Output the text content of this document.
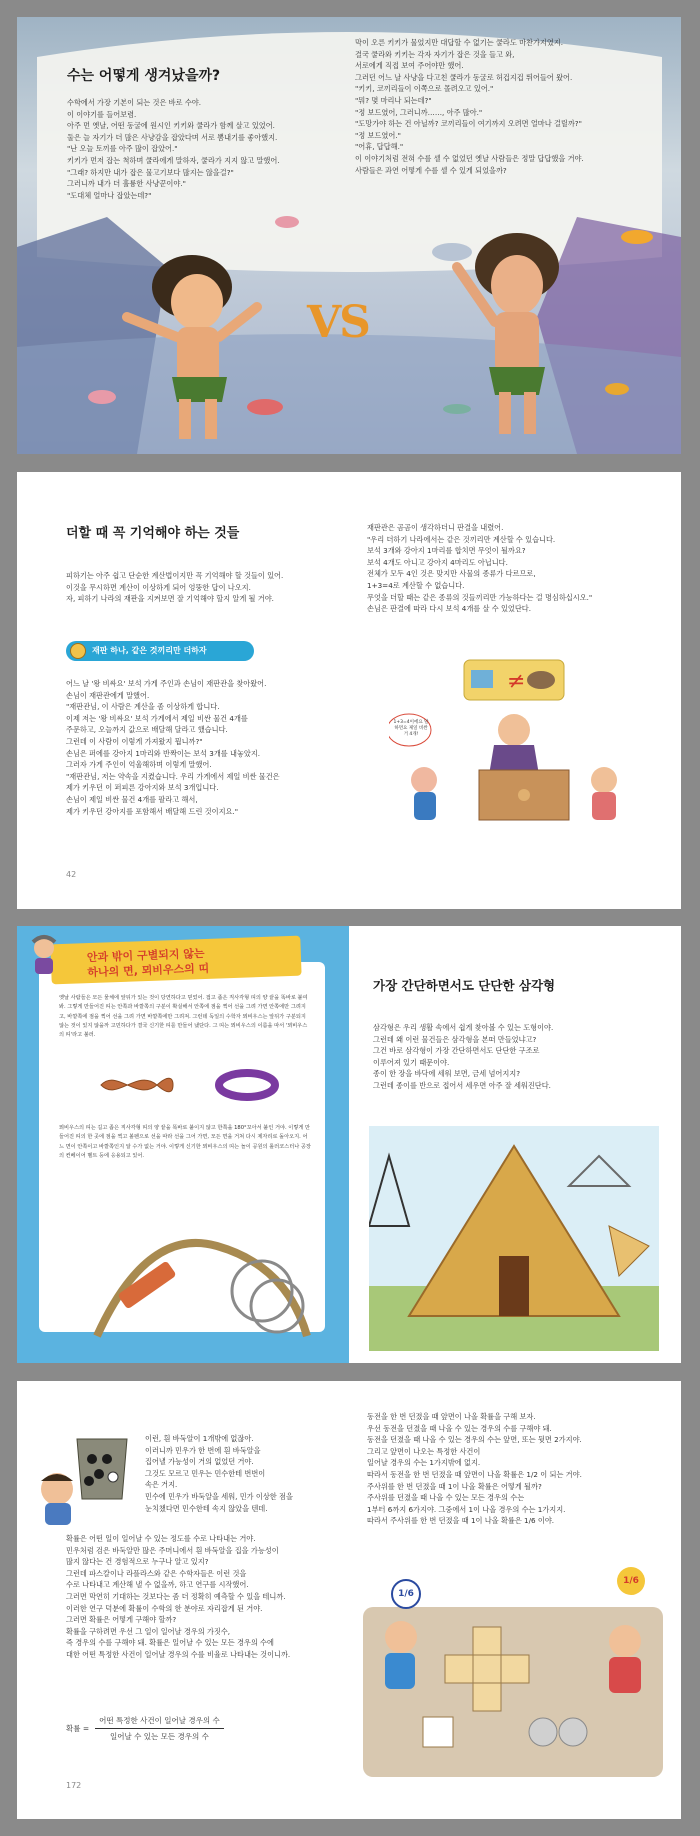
수는 어떻게 생겨났을까?

수학에서 가장 기본이 되는 것은 바로 수야.
이 이야기를 들어보렴.
아주 먼 옛날, 어떤 동굴에 원시인 키키와 쿨라가 함께 살고 있었어.
둘은 늘 자기가 더 많은 사냥감을 잡았다며 서로 뽐내기를 좋아했지.
"난 오늘 토끼를 아주 많이 잡았어."
키키가 먼저 잡는 척하며 쿨라에게 말하자, 쿨라가 지지 않고 말했어.
"그래? 하지만 내가 잡은 물고기보다 많지는 않을걸?"
그러니까 내가 더 훌륭한 사냥꾼이야."
"도대체 얼마나 잡았는데?"

막이 오른 키키가 물었지만 대답할 수 없기는 쿨라도 마찬가지였지.
결국 쿨라와 키키는 각자 자기가 잡은 것을 들고 와,
서로에게 직접 보여 주어야만 했어.
그러던 어느 날 사냥을 다고친 쿨라가 동굴로 허겁지겁 뛰어들어 왔어.
"키키, 코끼리들이 이쪽으로 몰려오고 있어."
"뭐? 몇 마리나 되는데?"
"정 보드였어, 그러니까……, 아주 많아."
"도망가야 하는 건 아닐까? 코끼리들이 여기까지 오려면 얼마나 걸릴까?"
"정 보드였어."
"어휴, 답답해."
이 이야기처럼 전혀 수를 셀 수 없었던 옛날 사람들은 정말 답답했을 거야.
사람들은 과연 어떻게 수를 셀 수 있게 되었을까?

VS
더할 때 꼭 기억해야 하는 것들

피하기는 아주 쉽고 단순한 계산법이지만 꼭 기억해야 할 것들이 있어.
이것을 무시하면 계산이 이상하게 되어 엉뚱한 답이 나오지.
자, 피하기 나라의 재판을 지켜보면 잘 기억해야 할지 알게 될 거야.

재판 하나, 같은 것끼리만 더하자

어느 날 '왕 비싸요' 보석 가게 주인과 손님이 재판관을 찾아왔어.
손님이 재판관에게 말했어.
"재판관님, 이 사람은 계산을 좀 이상하게 합니다.
이제 저는 '왕 비싸요' 보석 가게에서 제일 비싼 물건 4개를
주문하고, 오늘까지 값으로 배달해 달라고 했습니다.
그런데 이 사람이 이렇게 가져왔지 뭡니까?"
손님은 퍼에를 강아지 1마리와 반짝이는 보석 3개를 내놓았지.
그러자 가게 주인이 억울해하며 이렇게 말했어.
"재판관님, 저는 약속을 지켰습니다. 우리 가게에서 제일 비싼 물건은
제가 키우던 이 퍼피른 강아지와 보석 3개입니다.
손님이 제일 비싼 물건 4개를 팔라고 해서,
제가 키우던 강아지를 포함해서 배달해 드린 것이지요."

42

재판관은 곰곰이 생각하더니 판결을 내렸어.
"우리 더하기 나라에서는 같은 것끼리만 계산할 수 있습니다.
보석 3개와 강아지 1마리를 합치면 무엇이 될까요?
보석 4개도 아니고 강아지 4마리도 아닙니다.
전체가 모두 4인 것은 맞지만 사물의 종류가 다르므로,
1+3=4로 계산할 수 없습니다.
무엇을 더할 때는 같은 종류의 것들끼리만 가능하다는 걸 명심하십시오."
손님은 판결에 따라 다시 보석 4개를 살 수 있었단다.

≠
1+3=4이에요 말하면요 제일 비싼거 4개!
안과 밖이 구별되지 않는
하나의 면, 뫼비우스의 띠

옛날 사람들은 모든 물체에 앞뒤가 있는 것이 당연하다고 믿었어. 접고 좁은 직사각형 띠의 양 끝을 똑바로 붙여 봐. 그렇게 만들어진 띠는 안쪽과 바깥쪽의 구분이 확실해서 안쪽에 점을 찍어 선을 그려 가면 안쪽에만 그려지고, 바깥쪽에 점을 찍어 선을 그려 가면 바깥쪽에만 그려져. 그런데 독일의 수학자 뫼비우스는 앞뒤가 구분되지 않는 것이 있지 않을까 고민하다가 결국 신기한 띠를 만들어 냈단다. 그 띠는 뫼비우스의 이름을 따서 '뫼비우스의 띠'라고 불러.

뫼비우스의 띠는 길고 좁은 직사각형 띠의 양 끝을 똑바로 붙이지 않고 한쪽을 180°꼬아서 붙인 거야. 이렇게 만들어진 띠의 한 곳에 점을 찍고 볼펜으로 선을 따라 선을 그어 가면, 모든 면을 거쳐 다시 제자리로 돌아오지. 어느 면이 안쪽이고 바깥쪽인지 알 수가 없는 거야. 이렇게 신기한 뫼비우스의 띠는 놀이 공원의 롤러코스터나 공장의 컨베이어 벨트 등에 응용되고 있어.

가장 간단하면서도 단단한 삼각형

삼각형은 우리 생활 속에서 쉽게 찾아볼 수 있는 도형이야.
그런데 왜 이런 물건들은 삼각형을 본떠 만들었냐고?
그건 바로 삼각형이 가장 간단하면서도 단단한 구조로
이루어져 있기 때문이야.
종이 한 장을 바닥에 세워 보면, 금세 넘어지지?
그런데 종이를 반으로 접어서 세우면 아주 잘 세워진단다.

이런, 흰 바둑알이 1개밖에 없잖아.
이러니까 민우가 한 번에 흰 바둑알을
집어낼 가능성이 거의 없었던 거야.
그것도 모르고 민우는 민수한테 번번이
속은 거지.
민수에 민우가 바둑알을 세워, 민가 이상한 점을
눈치챘다면 민수한테 속지 않았을 텐데.

확률은 어떤 일이 일어날 수 있는 정도를 수로 나타내는 거야.
민우처럼 검은 바둑알만 많은 주머니에서 흰 바둑알을 집을 가능성이
많지 않다는 건 경험적으로 누구나 알고 있지?
그런데 파스칼이나 라플라스와 같은 수학자들은 이런 것을
수로 나타내고 계산해 낼 수 없을까, 하고 연구를 시작했어.
그러면 막연히 기대하는 것보다는 좀 더 정확히 예측할 수 있을 테니까.
이러한 연구 덕분에 확률이 수학의 한 분야로 자리잡게 된 거야.
그러면 확률은 어떻게 구해야 할까?
확률을 구하려면 우선 그 일이 일어날 경우의 가짓수,
즉 경우의 수를 구해야 돼. 확률은 일어날 수 있는 모든 경우의 수에
대한 어떤 특정한 사건이 일어날 경우의 수를 비율로 나타내는 것이니까.

확률 = $\frac{\text{어떤 특정한 사건이 일어날 경우의 수}}{\text{일어날 수 있는 모든 경우의 수}}$
172

동전을 한 번 던졌을 때 앞면이 나올 확률을 구해 보자.
우선 동전을 던졌을 때 나올 수 있는 경우의 수를 구해야 돼.
동전을 던졌을 때 나올 수 있는 경우의 수는 앞면, 또는 뒷면 2가지야.
그리고 앞면이 나오는 특정한 사건이
일어날 경우의 수는 1가지밖에 없지.
따라서 동전을 한 번 던졌을 때 앞면이 나올 확률은 1/2 이 되는 거야.
주사위를 한 번 던졌을 때 1이 나올 확률은 어떻게 될까?
주사위를 던졌을 때 나올 수 있는 모든 경우의 수는
1부터 6까지 6가지야. 그중에서 1이 나올 경우의 수는 1가지지.
따라서 주사위를 한 번 던졌을 때 1이 나올 확률은 1/6 이야.

1/6
1/6
